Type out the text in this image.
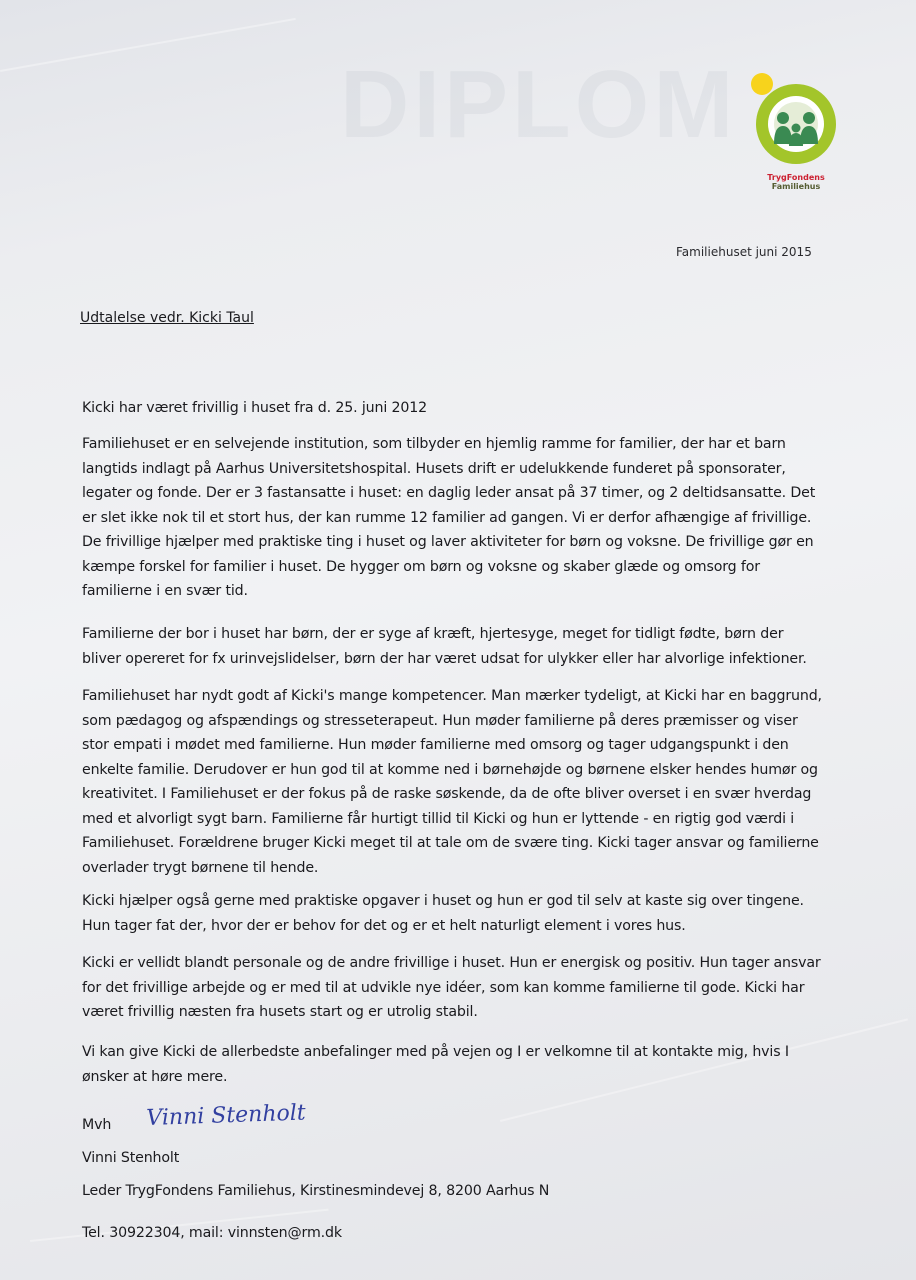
DIPLOM
TrygFondens
Familiehus
Familiehuset juni 2015
Udtalelse vedr. Kicki Taul
Kicki har været frivillig i huset fra d. 25. juni 2012
Familiehuset er en selvejende institution, som tilbyder en hjemlig ramme for familier, der har et barn langtids indlagt på Aarhus Universitetshospital. Husets drift er udelukkende funderet på sponsorater, legater og fonde. Der er 3 fastansatte i huset: en daglig leder ansat på 37 timer, og 2 deltidsansatte. Det er slet ikke nok til et stort hus, der kan rumme 12 familier ad gangen. Vi er derfor afhængige af frivillige. De frivillige hjælper med praktiske ting i huset og laver aktiviteter for børn og voksne. De frivillige gør en kæmpe forskel for familier i huset. De hygger om børn og voksne og skaber glæde og omsorg for familierne i en svær tid.
Familierne der bor i huset har børn, der er syge af kræft, hjertesyge, meget for tidligt fødte, børn der bliver opereret for fx urinvejslidelser, børn der har været udsat for ulykker eller har alvorlige infektioner.
Familiehuset har nydt godt af Kicki's mange kompetencer. Man mærker tydeligt, at Kicki har en baggrund, som pædagog og afspændings og stresseterapeut. Hun møder familierne på deres præmisser og viser stor empati i mødet med familierne. Hun møder familierne med omsorg og tager udgangspunkt i den enkelte familie. Derudover er hun god til at komme ned i børnehøjde og børnene elsker hendes humør og kreativitet. I Familiehuset er der fokus på de raske søskende, da de ofte bliver overset i en svær hverdag med et alvorligt sygt barn. Familierne får hurtigt tillid til Kicki og hun er lyttende - en rigtig god værdi i Familiehuset. Forældrene bruger Kicki meget til at tale om de svære ting. Kicki tager ansvar og familierne overlader trygt børnene til hende.
Kicki hjælper også gerne med praktiske opgaver i huset og hun er god til selv at kaste sig over tingene. Hun tager fat der, hvor der er behov for det og er et helt naturligt element i vores hus.
Kicki er vellidt blandt personale og de andre frivillige i huset. Hun er energisk og positiv. Hun tager ansvar for det frivillige arbejde og er med til at udvikle nye idéer, som kan komme familierne til gode. Kicki har været frivillig næsten fra husets start og er utrolig stabil.
Vi kan give Kicki de allerbedste anbefalinger med på vejen og I er velkomne til at kontakte mig, hvis I ønsker at høre mere.
Mvh	Vinni Stenholt
Vinni Stenholt
Leder TrygFondens Familiehus, Kirstinesmindevej 8, 8200 Aarhus N
Tel. 30922304, mail: vinnsten@rm.dk
